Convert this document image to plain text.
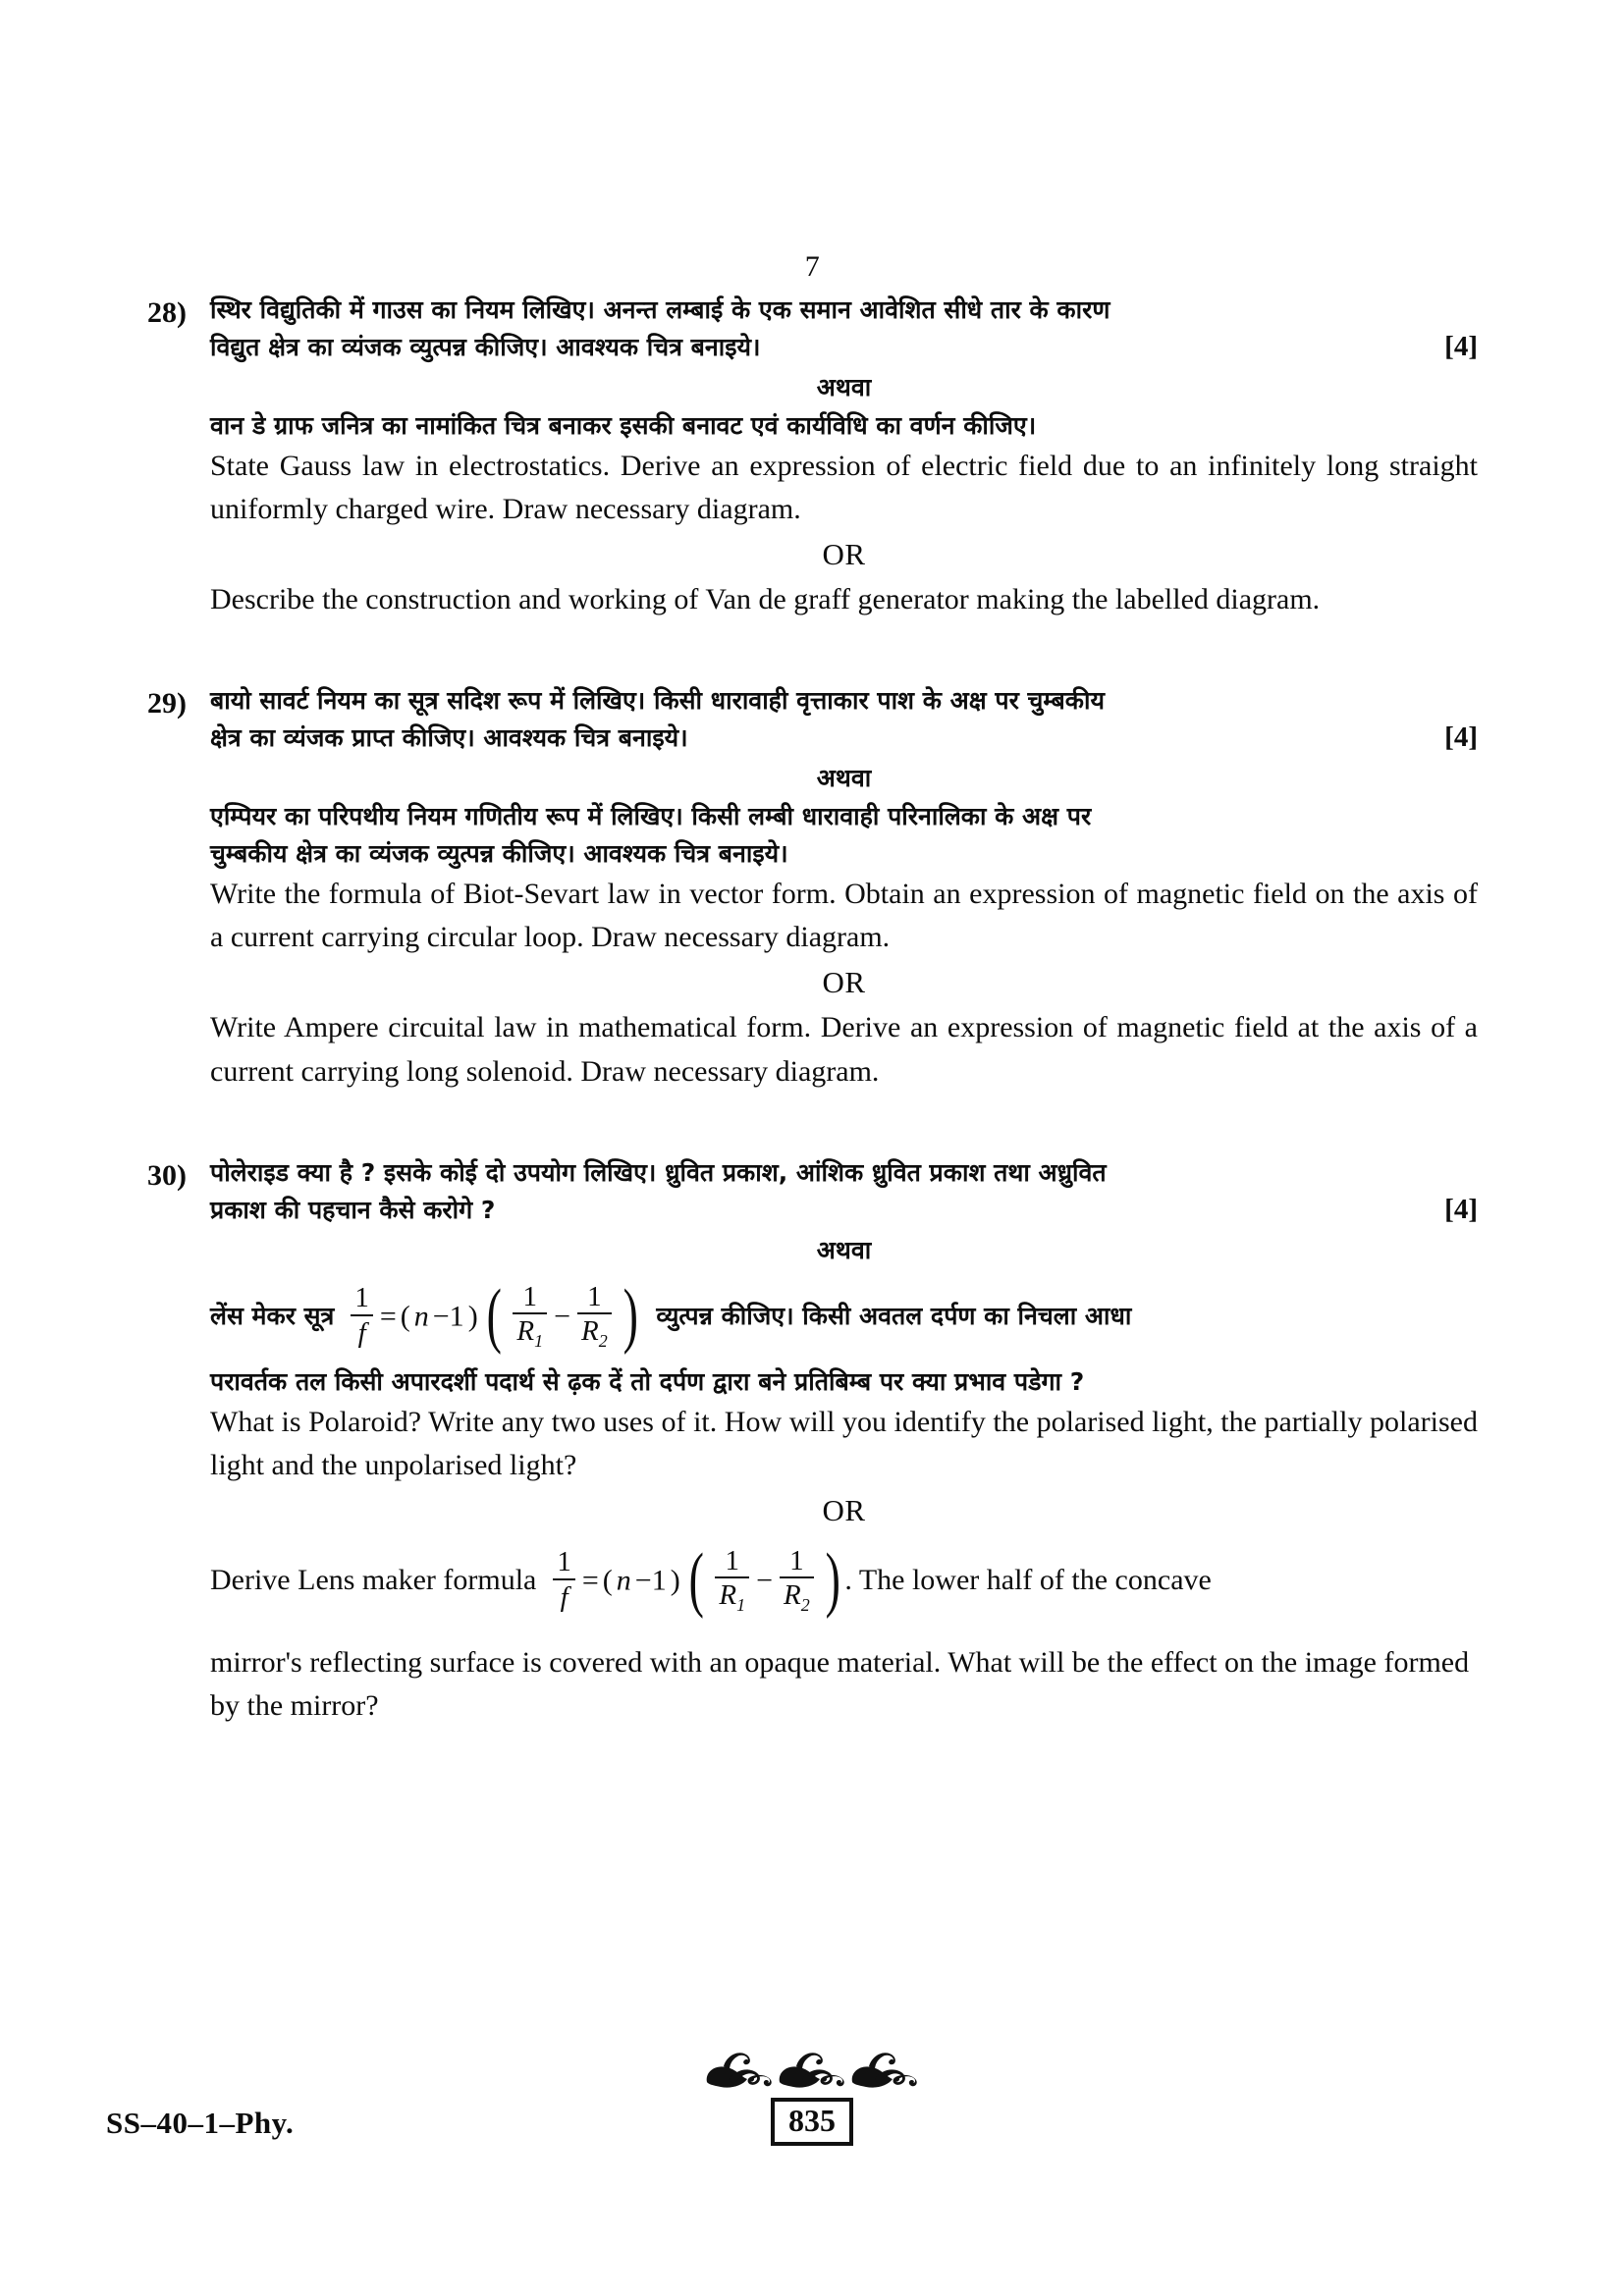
7
28) स्थिर विद्युतिकी में गाउस का नियम लिखिए। अनन्त लम्बाई के एक समान आवेशित सीधे तार के कारण
विद्युत क्षेत्र का व्यंजक व्युत्पन्न कीजिए। आवश्यक चित्र बनाइये।	[4]
अथवा
वान डे ग्राफ जनित्र का नामांकित चित्र बनाकर इसकी बनावट एवं कार्यविधि का वर्णन कीजिए।
State Gauss law in electrostatics. Derive an expression of electric field due to an infinitely long straight uniformly charged wire. Draw necessary diagram.
OR
Describe the construction and working of Van de graff generator making the labelled diagram.
29) बायो सावर्ट नियम का सूत्र सदिश रूप में लिखिए। किसी धारावाही वृत्ताकार पाश के अक्ष पर चुम्बकीय
क्षेत्र का व्यंजक प्राप्त कीजिए। आवश्यक चित्र बनाइये।	[4]
अथवा
एम्पियर का परिपथीय नियम गणितीय रूप में लिखिए। किसी लम्बी धारावाही परिनालिका के अक्ष पर
चुम्बकीय क्षेत्र का व्यंजक व्युत्पन्न कीजिए। आवश्यक चित्र बनाइये।
Write the formula of Biot-Sevart law in vector form. Obtain an expression of magnetic field on the axis of a current carrying circular loop. Draw necessary diagram.
OR
Write Ampere circuital law in mathematical form. Derive an expression of magnetic field at the axis of a current carrying long solenoid. Draw necessary diagram.
30) पोलेराइड क्या है ? इसके कोई दो उपयोग लिखिए। ध्रुवित प्रकाश, आंशिक ध्रुवित प्रकाश तथा अध्रुवित
प्रकाश की पहचान कैसे करोगे ?	[4]
अथवा
लेंस मेकर सूत्र $\frac{1}{f}$ = ( n −1 ) ( $\frac{1}{R_1} - \frac{1}{R_2}$ ) व्युत्पन्न कीजिए। किसी अवतल दर्पण का निचला आधा
परावर्तक तल किसी अपारदर्शी पदार्थ से ढ़क दें तो दर्पण द्वारा बने प्रतिबिम्ब पर क्या प्रभाव पडेगा ?
What is Polaroid? Write any two uses of it. How will you identify the polarised light, the partially polarised light and the unpolarised light?
OR
Derive Lens maker formula $\frac{1}{f}$ = ( n −1 ) ( $\frac{1}{R_1} - \frac{1}{R_2}$ ) . The lower half of the concave
mirror's reflecting surface is covered with an opaque material. What will be the effect on the image formed by the mirror?
835
SS–40–1–Phy.
